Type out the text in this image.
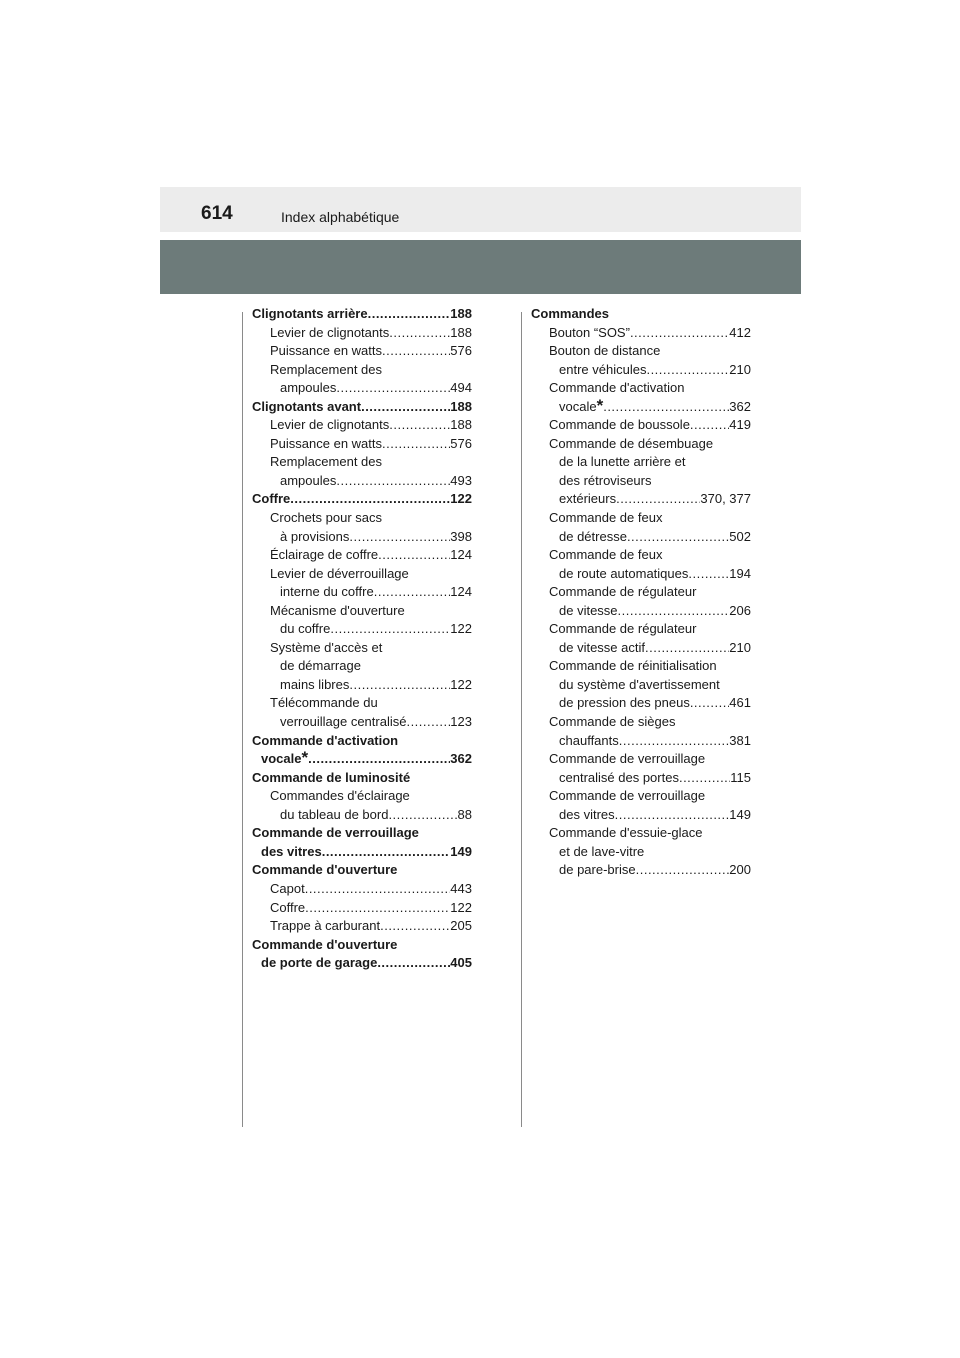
614	Index alphabétique
Clignotants arrière .....	188
Levier de clignotants .....	188
Puissance en watts .....	576
Remplacement des
ampoules .....	494
Clignotants avant .....	188
Levier de clignotants .....	188
Puissance en watts .....	576
Remplacement des
ampoules .....	493
Coffre .....	122
Crochets pour sacs
à provisions .....	398
Éclairage de coffre .....	124
Levier de déverrouillage
interne du coffre .....	124
Mécanisme d'ouverture
du coffre .....	122
Système d'accès et
de démarrage
mains libres .....	122
Télécommande du
verrouillage centralisé .....	123
Commande d'activation
vocale * .....	362
Commande de luminosité
Commandes d'éclairage
du tableau de bord .....	88
Commande de verrouillage
des vitres .....	149
Commande d'ouverture
Capot .....	443
Coffre .....	122
Trappe à carburant .....	205
Commande d'ouverture
de porte de garage .....	405
Commandes
Bouton “SOS” .....	412
Bouton de distance
entre véhicules .....	210
Commande d'activation
vocale * .....	362
Commande de boussole .....	419
Commande de désembuage
de la lunette arrière et
des rétroviseurs
extérieurs .....	370, 377
Commande de feux
de détresse .....	502
Commande de feux
de route automatiques .....	194
Commande de régulateur
de vitesse .....	206
Commande de régulateur
de vitesse actif .....	210
Commande de réinitialisation
du système d'avertissement
de pression des pneus .....	461
Commande de sièges
chauffants .....	381
Commande de verrouillage
centralisé des portes .....	115
Commande de verrouillage
des vitres .....	149
Commande d'essuie-glace
et de lave-vitre
de pare-brise .....	200
